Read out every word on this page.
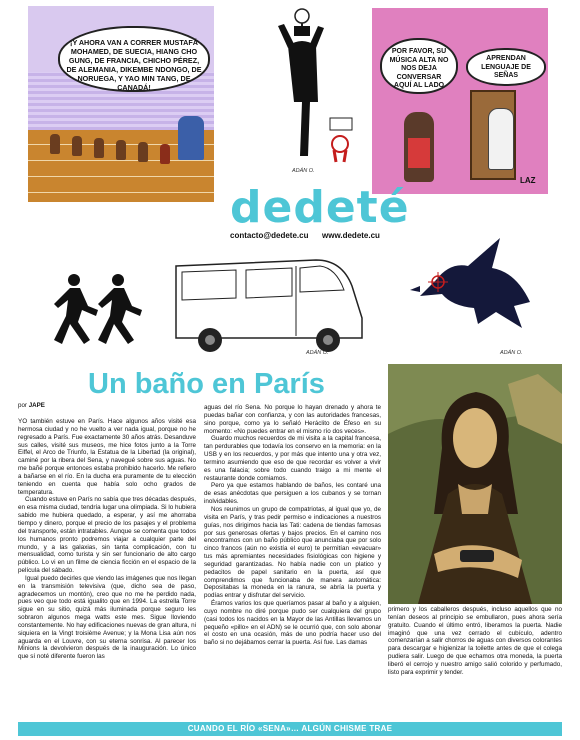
¡Y AHORA VAN A CORRER MUSTAFÁ MOHAMED, DE SUECIA, HIANG CHO GUNG, DE FRANCIA, CHICHO PÉREZ, DE ALEMANIA, DIKEMBE NDONGO, DE NORUEGA, Y YAO MIN TANG, DE CANADÁ!
ADÁN O.
POR FAVOR, SU MÚSICA ALTA NO NOS DEJA CONVERSAR AQUÍ AL LADO
APRENDAN LENGUAJE DE SEÑAS
LAZ
dedeté
contacto@dedete.cu www.dedete.cu
ADÁN O.	ADÁN O.
Un baño en París
por JAPE

YO también estuve en París. Hace algunos años visité esa hermosa ciudad y no he vuelto a ver nada igual, porque no he regresado a París. Fue exactamente 30 años atrás. Desanduve sus calles, visité sus museos, me hice fotos junto a la Torre Eiffel, el Arco de Triunfo, la Estatua de la Libertad (la original), caminé por la ribera del Sena, y navegué sobre sus aguas. No me bañé porque entonces estaba prohibido hacerlo. Me refiero a bañarse en el río. En la ducha era puramente de tu elección teniendo en cuenta que había solo ocho grados de temperatura.

Cuando estuve en París no sabía que tres décadas después, en esa misma ciudad, tendría lugar una olimpiada. Si lo hubiera sabido me hubiera quedado, a esperar, y así me ahorraba tiempo y dinero, porque el precio de los pasajes y el problema del transporte, están intratables. Aunque se comenta que todos los humanos pronto podremos viajar a cualquier parte del mundo, y a las galaxias, sin tanta complicación, con tu mensualidad, como turista y sin ser funcionario de alto cargo público. Lo vi en un filme de ciencia ficción en el espacio de la película del sábado.

Igual puedo decirles que viendo las imágenes que nos llegan en la transmisión televisiva (que, dicho sea de paso, agradecemos un montón), creo que no me he perdido nada, pues veo que todo está igualito que en 1994. La estrella Torre sigue en su sitio, quizá más iluminada porque seguro les sobraron algunos mega watts este mes. Sigue lloviendo constantemente. No hay edificaciones nuevas de gran altura, ni siquiera en la Vingt troisième Avenue; y la Mona Lisa aún nos aguarda en el Louvre, con su eterna sonrisa. Al parecer los Minions la devolvieron después de la inauguración. Lo único que sí noté diferente fueron las

aguas del río Sena. No porque lo hayan drenado y ahora te puedas bañar con confianza, y con las autoridades francesas, sino porque, como ya lo señaló Heráclito de Éfeso en su momento: «No puedes entrar en el mismo río dos veces».

Guardo muchos recuerdos de mi visita a la capital francesa, tan perdurables que todavía los conservo en la memoria: en la USB y en los recuerdos, y por más que intento una y otra vez, termino asumiendo que eso de que recordar es volver a vivir es una falacia; sobre todo cuando traigo a mi mente el restaurante donde comiamos.

Pero ya que estamos hablando de baños, les contaré una de esas anécdotas que persiguen a los cubanos y se tornan inolvidables.

Nos reunimos un grupo de compatriotas, al igual que yo, de visita en París, y tras pedir permiso e indicaciones a nuestros guías, nos dirigimos hacia las Tati: cadena de tiendas famosas por sus generosas ofertas y bajos precios. En el camino nos encontramos con un baño público que anunciaba que por solo cinco francos (aún no existía el euro) te permitían «evacuar» tus más apremiantes necesidades fisiológicas con higiene y seguridad garantizadas. No había nadie con un platico y pedacitos de papel sanitario en la puerta, así que comprendimos que funcionaba de manera automática: Depositabas la moneda en la ranura, se abría la puerta y podías entrar y disfrutar del servicio.

Éramos varios los que queríamos pasar al baño y a alguien, cuyo nombre no diré porque pudo ser cualquiera del grupo (casi todos los nacidos en la Mayor de las Antillas llevamos un pequeño «pillo» en el ADN) se le ocurrió que, con solo abonar el costo en una ocasión, más de uno podría hacer uso del baño si no dejábamos cerrar la puerta. Así fue. Las damas

primero y los caballeros después, incluso aquellos que no tenían deseos al principio se embullaron, pues ahora sería gratuito. Cuando el último entró, liberamos la puerta. Nadie imaginó que una vez cerrado el cubículo, adentro comenzarían a salir chorros de aguas con diversos colorantes para descargar e higienizar la toilette antes de que el colega pudiera salir. Luego de que echamos otra moneda, la puerta liberó el cerrojo y nuestro amigo salió colorido y perfumado, listo para exprimir y tender.

CUANDO EL RÍO «SENA»… ALGÚN CHISME TRAE
